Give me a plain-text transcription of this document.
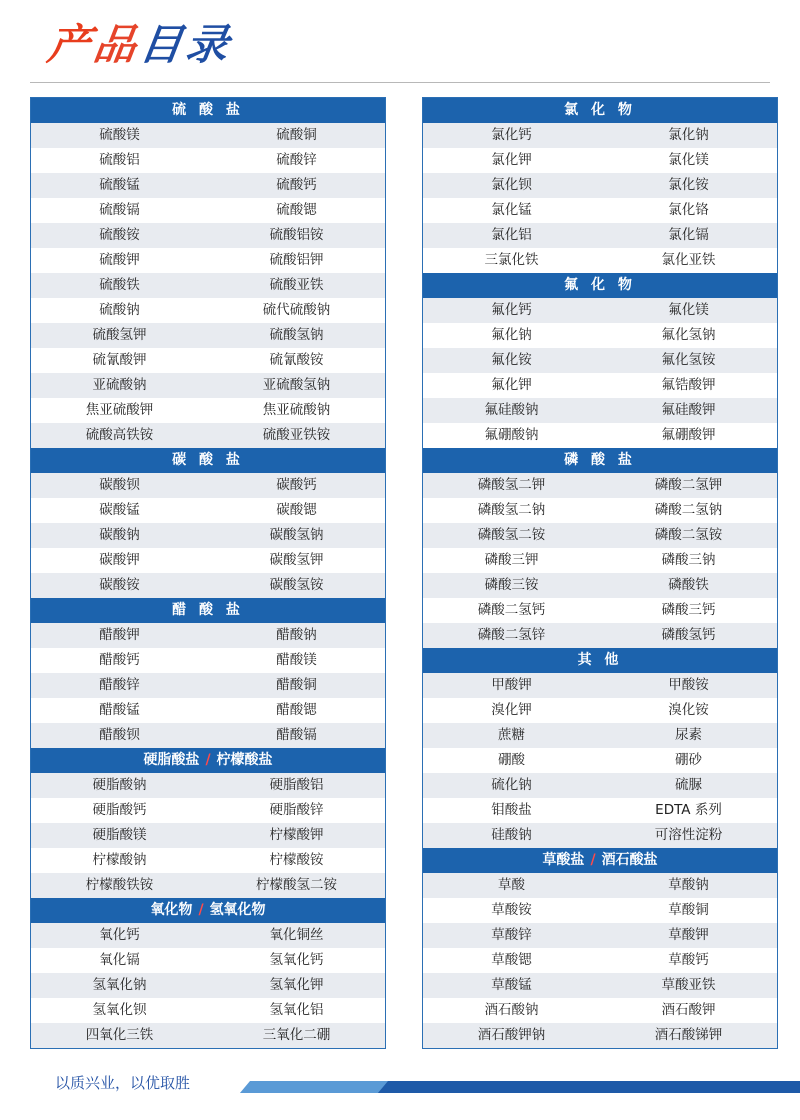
产品目录
硫 酸 盐
硫酸镁	硫酸铜
硫酸铝	硫酸锌
硫酸锰	硫酸钙
硫酸镉	硫酸锶
硫酸铵	硫酸铝铵
硫酸钾	硫酸铝钾
硫酸铁	硫酸亚铁
硫酸钠	硫代硫酸钠
硫酸氢钾	硫酸氢钠
硫氰酸钾	硫氰酸铵
亚硫酸钠	亚硫酸氢钠
焦亚硫酸钾	焦亚硫酸钠
硫酸高铁铵	硫酸亚铁铵
碳 酸 盐
碳酸钡	碳酸钙
碳酸锰	碳酸锶
碳酸钠	碳酸氢钠
碳酸钾	碳酸氢钾
碳酸铵	碳酸氢铵
醋 酸 盐
醋酸钾	醋酸钠
醋酸钙	醋酸镁
醋酸锌	醋酸铜
醋酸锰	醋酸锶
醋酸钡	醋酸镉
硬脂酸盐 / 柠檬酸盐
硬脂酸钠	硬脂酸铝
硬脂酸钙	硬脂酸锌
硬脂酸镁	柠檬酸钾
柠檬酸钠	柠檬酸铵
柠檬酸铁铵	柠檬酸氢二铵
氧化物 / 氢氧化物
氧化钙	氧化铜丝
氧化镉	氢氧化钙
氢氧化钠	氢氧化钾
氢氧化钡	氢氧化铝
四氧化三铁	三氧化二硼
氯 化 物
氯化钙	氯化钠
氯化钾	氯化镁
氯化钡	氯化铵
氯化锰	氯化铬
氯化铝	氯化镉
三氯化铁	氯化亚铁
氟 化 物
氟化钙	氟化镁
氟化钠	氟化氢钠
氟化铵	氟化氢铵
氟化钾	氟锆酸钾
氟硅酸钠	氟硅酸钾
氟硼酸钠	氟硼酸钾
磷 酸 盐
磷酸氢二钾	磷酸二氢钾
磷酸氢二钠	磷酸二氢钠
磷酸氢二铵	磷酸二氢铵
磷酸三钾	磷酸三钠
磷酸三铵	磷酸铁
磷酸二氢钙	磷酸三钙
磷酸二氢锌	磷酸氢钙
其 他
甲酸钾	甲酸铵
溴化钾	溴化铵
蔗糖	尿素
硼酸	硼砂
硫化钠	硫脲
钼酸盐	EDTA 系列
硅酸钠	可溶性淀粉
草酸盐 / 酒石酸盐
草酸	草酸钠
草酸铵	草酸铜
草酸锌	草酸钾
草酸锶	草酸钙
草酸锰	草酸亚铁
酒石酸钠	酒石酸钾
酒石酸钾钠	酒石酸锑钾
以质兴业，以优取胜
